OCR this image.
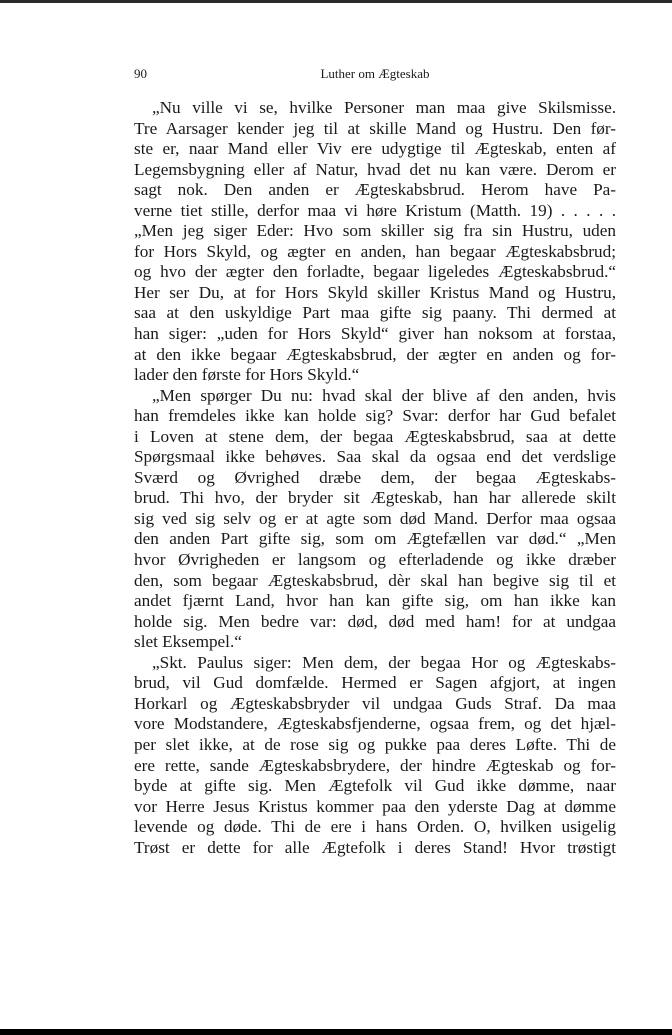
90	Luther om Ægteskab
„Nu ville vi se, hvilke Personer man maa give Skilsmisse.
Tre Aarsager kender jeg til at skille Mand og Hustru. Den før-
ste er, naar Mand eller Viv ere udygtige til Ægteskab, enten af
Legemsbygning eller af Natur, hvad det nu kan være. Derom er
sagt nok. Den anden er Ægteskabsbrud. Herom have Pa-
verne tiet stille, derfor maa vi høre Kristum (Matth. 19) . . . . .
„Men jeg siger Eder: Hvo som skiller sig fra sin Hustru, uden
for Hors Skyld, og ægter en anden, han begaar Ægteskabsbrud;
og hvo der ægter den forladte, begaar ligeledes Ægteskabsbrud.“
Her ser Du, at for Hors Skyld skiller Kristus Mand og Hustru,
saa at den uskyldige Part maa gifte sig paany. Thi dermed at
han siger: „uden for Hors Skyld“ giver han noksom at forstaa,
at den ikke begaar Ægteskabsbrud, der ægter en anden og for-
lader den første for Hors Skyld.“
„Men spørger Du nu: hvad skal der blive af den anden, hvis
han fremdeles ikke kan holde sig? Svar: derfor har Gud befalet
i Loven at stene dem, der begaa Ægteskabsbrud, saa at dette
Spørgsmaal ikke behøves. Saa skal da ogsaa end det verdslige
Sværd og Øvrighed dræbe dem, der begaa Ægteskabs-
brud. Thi hvo, der bryder sit Ægteskab, han har allerede skilt
sig ved sig selv og er at agte som død Mand. Derfor maa ogsaa
den anden Part gifte sig, som om Ægtefællen var død.“ „Men
hvor Øvrigheden er langsom og efterladende og ikke dræber
den, som begaar Ægteskabsbrud, dèr skal han begive sig til et
andet fjærnt Land, hvor han kan gifte sig, om han ikke kan
holde sig. Men bedre var: død, død med ham! for at undgaa
slet Eksempel.“
„Skt. Paulus siger: Men dem, der begaa Hor og Ægteskabs-
brud, vil Gud domfælde. Hermed er Sagen afgjort, at ingen
Horkarl og Ægteskabsbryder vil undgaa Guds Straf. Da maa
vore Modstandere, Ægteskabsfjenderne, ogsaa frem, og det hjæl-
per slet ikke, at de rose sig og pukke paa deres Løfte. Thi de
ere rette, sande Ægteskabsbrydere, der hindre Ægteskab og for-
byde at gifte sig. Men Ægtefolk vil Gud ikke dømme, naar
vor Herre Jesus Kristus kommer paa den yderste Dag at dømme
levende og døde. Thi de ere i hans Orden. O, hvilken usigelig
Trøst er dette for alle Ægtefolk i deres Stand! Hvor trøstigt
